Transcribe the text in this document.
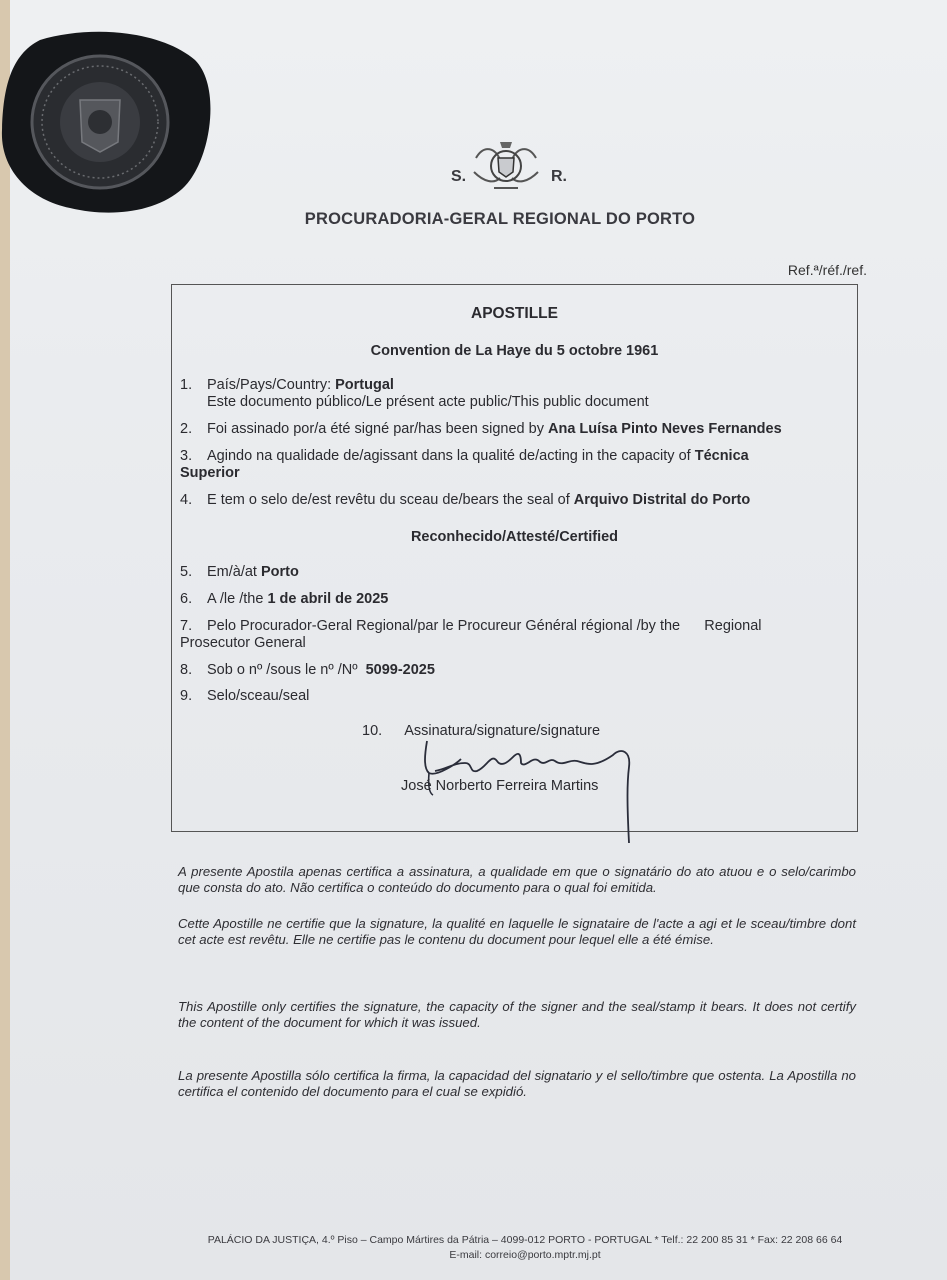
S.	R.
PROCURADORIA-GERAL REGIONAL DO PORTO
Ref.ª/réf./ref.
APOSTILLE
Convention de La Haye du 5 octobre 1961
1. País/Pays/Country: Portugal
Este documento público/Le présent acte public/This public document
2. Foi assinado por/a été signé par/has been signed by Ana Luísa Pinto Neves Fernandes
3. Agindo na qualidade de/agissant dans la qualité de/acting in the capacity of Técnica
Superior
4. E tem o selo de/est revêtu du sceau de/bears the seal of Arquivo Distrital do Porto
Reconhecido/Attesté/Certified
5. Em/à/at Porto
6. A /le /the 1 de abril de 2025
7. Pelo Procurador-Geral Regional/par le Procureur Général régional /by the      Regional
Prosecutor General
8. Sob o nº /sous le nº /Nº  5099-2025
9. Selo/sceau/seal
10. Assinatura/signature/signature
José Norberto Ferreira Martins
A presente Apostila apenas certifica a assinatura, a qualidade em que o signatário do ato atuou e o selo/carimbo que consta do ato. Não certifica o conteúdo do documento para o qual foi emitida.
Cette Apostille ne certifie que la signature, la qualité en laquelle le signataire de l'acte a agi et le sceau/timbre dont cet acte est revêtu. Elle ne certifie pas le contenu du document pour lequel elle a été émise.
This Apostille only certifies the signature, the capacity of the signer and the seal/stamp it bears. It does not certify the content of the document for which it was issued.
La presente Apostilla sólo certifica la firma, la capacidad del signatario y el sello/timbre que ostenta. La Apostilla no certifica el contenido del documento para el cual se expidió.
PALÁCIO DA JUSTIÇA, 4.º Piso – Campo Mártires da Pátria – 4099-012 PORTO - PORTUGAL * Telf.: 22 200 85 31 * Fax: 22 208 66 64
E-mail: correio@porto.mptr.mj.pt
